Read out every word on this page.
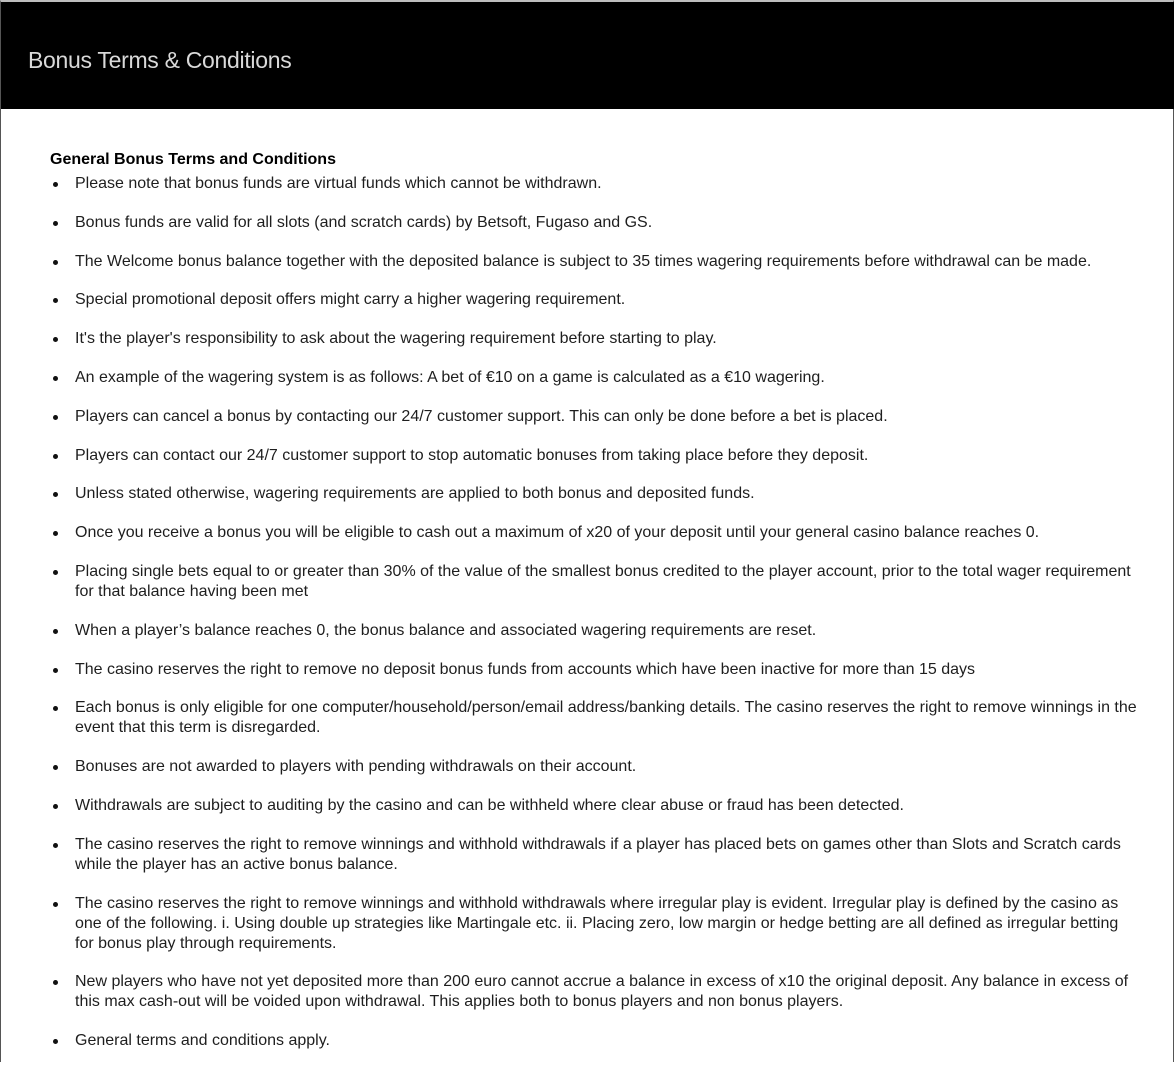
Bonus Terms & Conditions
General Bonus Terms and Conditions
Please note that bonus funds are virtual funds which cannot be withdrawn.
Bonus funds are valid for all slots (and scratch cards) by Betsoft, Fugaso and GS.
The Welcome bonus balance together with the deposited balance is subject to 35 times wagering requirements before withdrawal can be made.
Special promotional deposit offers might carry a higher wagering requirement.
It's the player's responsibility to ask about the wagering requirement before starting to play.
An example of the wagering system is as follows: A bet of €10 on a game is calculated as a €10 wagering.
Players can cancel a bonus by contacting our 24/7 customer support. This can only be done before a bet is placed.
Players can contact our 24/7 customer support to stop automatic bonuses from taking place before they deposit.
Unless stated otherwise, wagering requirements are applied to both bonus and deposited funds.
Once you receive a bonus you will be eligible to cash out a maximum of x20 of your deposit until your general casino balance reaches 0.
Placing single bets equal to or greater than 30% of the value of the smallest bonus credited to the player account, prior to the total wager requirement for that balance having been met
When a player’s balance reaches 0, the bonus balance and associated wagering requirements are reset.
The casino reserves the right to remove no deposit bonus funds from accounts which have been inactive for more than 15 days
Each bonus is only eligible for one computer/household/person/email address/banking details. The casino reserves the right to remove winnings in the event that this term is disregarded.
Bonuses are not awarded to players with pending withdrawals on their account.
Withdrawals are subject to auditing by the casino and can be withheld where clear abuse or fraud has been detected.
The casino reserves the right to remove winnings and withhold withdrawals if a player has placed bets on games other than Slots and Scratch cards while the player has an active bonus balance.
The casino reserves the right to remove winnings and withhold withdrawals where irregular play is evident. Irregular play is defined by the casino as one of the following. i. Using double up strategies like Martingale etc. ii. Placing zero, low margin or hedge betting are all defined as irregular betting for bonus play through requirements.
New players who have not yet deposited more than 200 euro cannot accrue a balance in excess of x10 the original deposit. Any balance in excess of this max cash-out will be voided upon withdrawal. This applies both to bonus players and non bonus players.
General terms and conditions apply.
